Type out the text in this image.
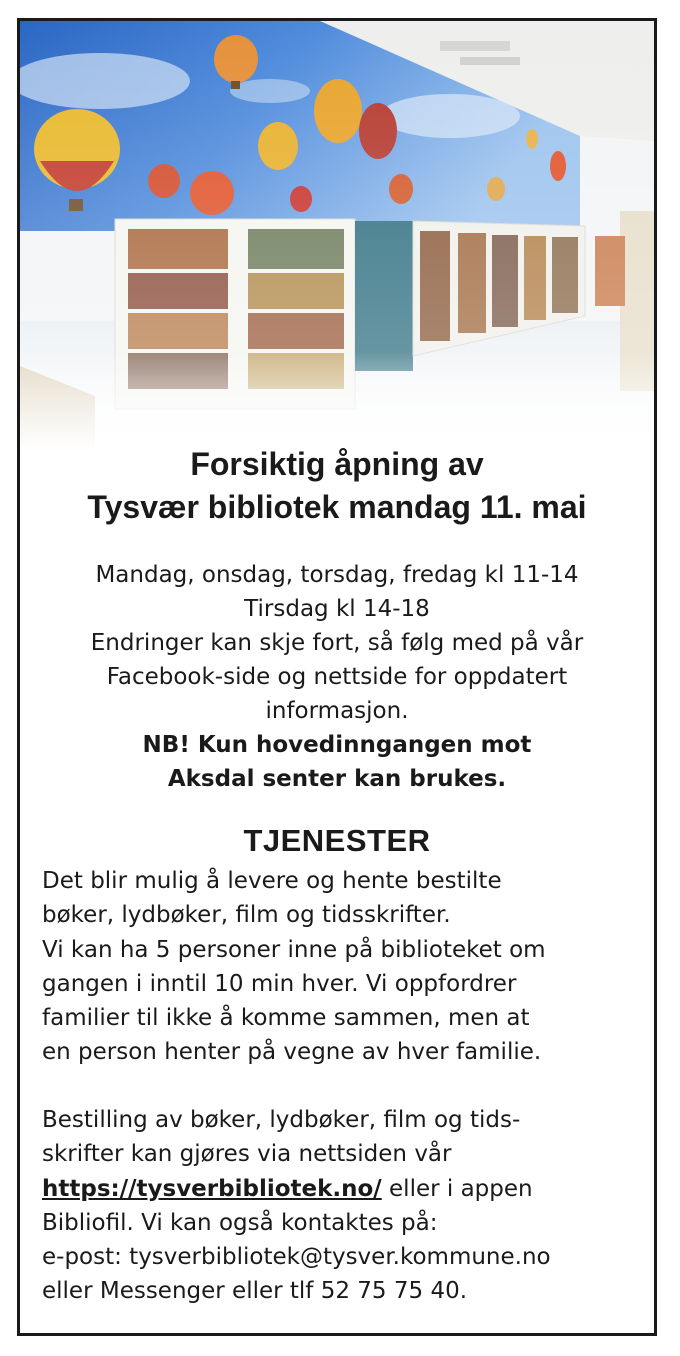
Forsiktig åpning av
Tysvær bibliotek mandag 11. mai
Mandag, onsdag, torsdag, fredag kl 11-14
Tirsdag kl 14-18
Endringer kan skje fort, så følg med på vår
Facebook-side og nettside for oppdatert
informasjon.
NB! Kun hovedinngangen mot
Aksdal senter kan brukes.
TJENESTER
Det blir mulig å levere og hente bestilte
bøker, lydbøker, film og tidsskrifter.
Vi kan ha 5 personer inne på biblioteket om
gangen i inntil 10 min hver. Vi oppfordrer
familier til ikke å komme sammen, men at
en person henter på vegne av hver familie.
Bestilling av bøker, lydbøker, film og tids-
skrifter kan gjøres via nettsiden vår
https://tysverbibliotek.no/ eller i appen
Bibliofil. Vi kan også kontaktes på:
e-post: tysverbibliotek@tysver.kommune.no
eller Messenger eller tlf 52 75 75 40.
